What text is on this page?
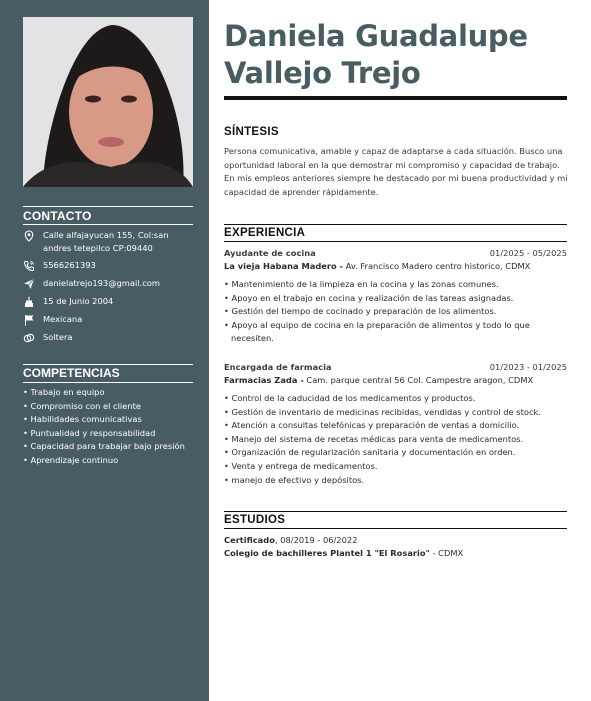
CONTACTO
Calle alfajayucan 155, Col:san andres tetepilco CP:09440
5566261393
danielatrejo193@gmail.com
15 de Junio 2004
Mexicana
Soltera
COMPETENCIAS
• Trabajo en equipo
• Compromiso con el cliente
• Habilidades comunicativas
• Puntualidad y responsabilidad
• Capacidad para trabajar bajo presión
• Aprendizaje continuo
Daniela Guadalupe
Vallejo Trejo
SÍNTESIS
Persona comunicativa, amable y capaz de adaptarse a cada situación. Busco una oportunidad laboral en la que demostrar mi compromiso y capacidad de trabajo. En mis empleos anteriores siempre he destacado por mi buena productividad y mi capacidad de aprender rápidamente.
EXPERIENCIA
Ayudante de cocina	01/2025 - 05/2025
La vieja Habana Madero - Av. Francisco Madero centro historico, CDMX
• Mantenimiento de la limpieza en la cocina y las zonas comunes.
• Apoyo en el trabajo en cocina y realización de las tareas asignadas.
• Gestión del tiempo de cocinado y preparación de los alimentos.
• Apoyo al equipo de cocina en la preparación de alimentos y todo lo que necesiten.
Encargada de farmacia	01/2023 - 01/2025
Farmacias Zada - Cam. parque central 56 Col. Campestre aragon, CDMX
• Control de la caducidad de los medicamentos y productos.
• Gestión de inventario de medicinas recibidas, vendidas y control de stock.
• Atención a consultas telefónicas y preparación de ventas a domicilio.
• Manejo del sistema de recetas médicas para venta de medicamentos.
• Organización de regularización sanitaria y documentación en orden.
• Venta y entrega de medicamentos.
• manejo de efectivo y depósitos.
ESTUDIOS
Certificado, 08/2019 - 06/2022
Colegio de bachilleres Plantel 1 "El Rosario" - CDMX
